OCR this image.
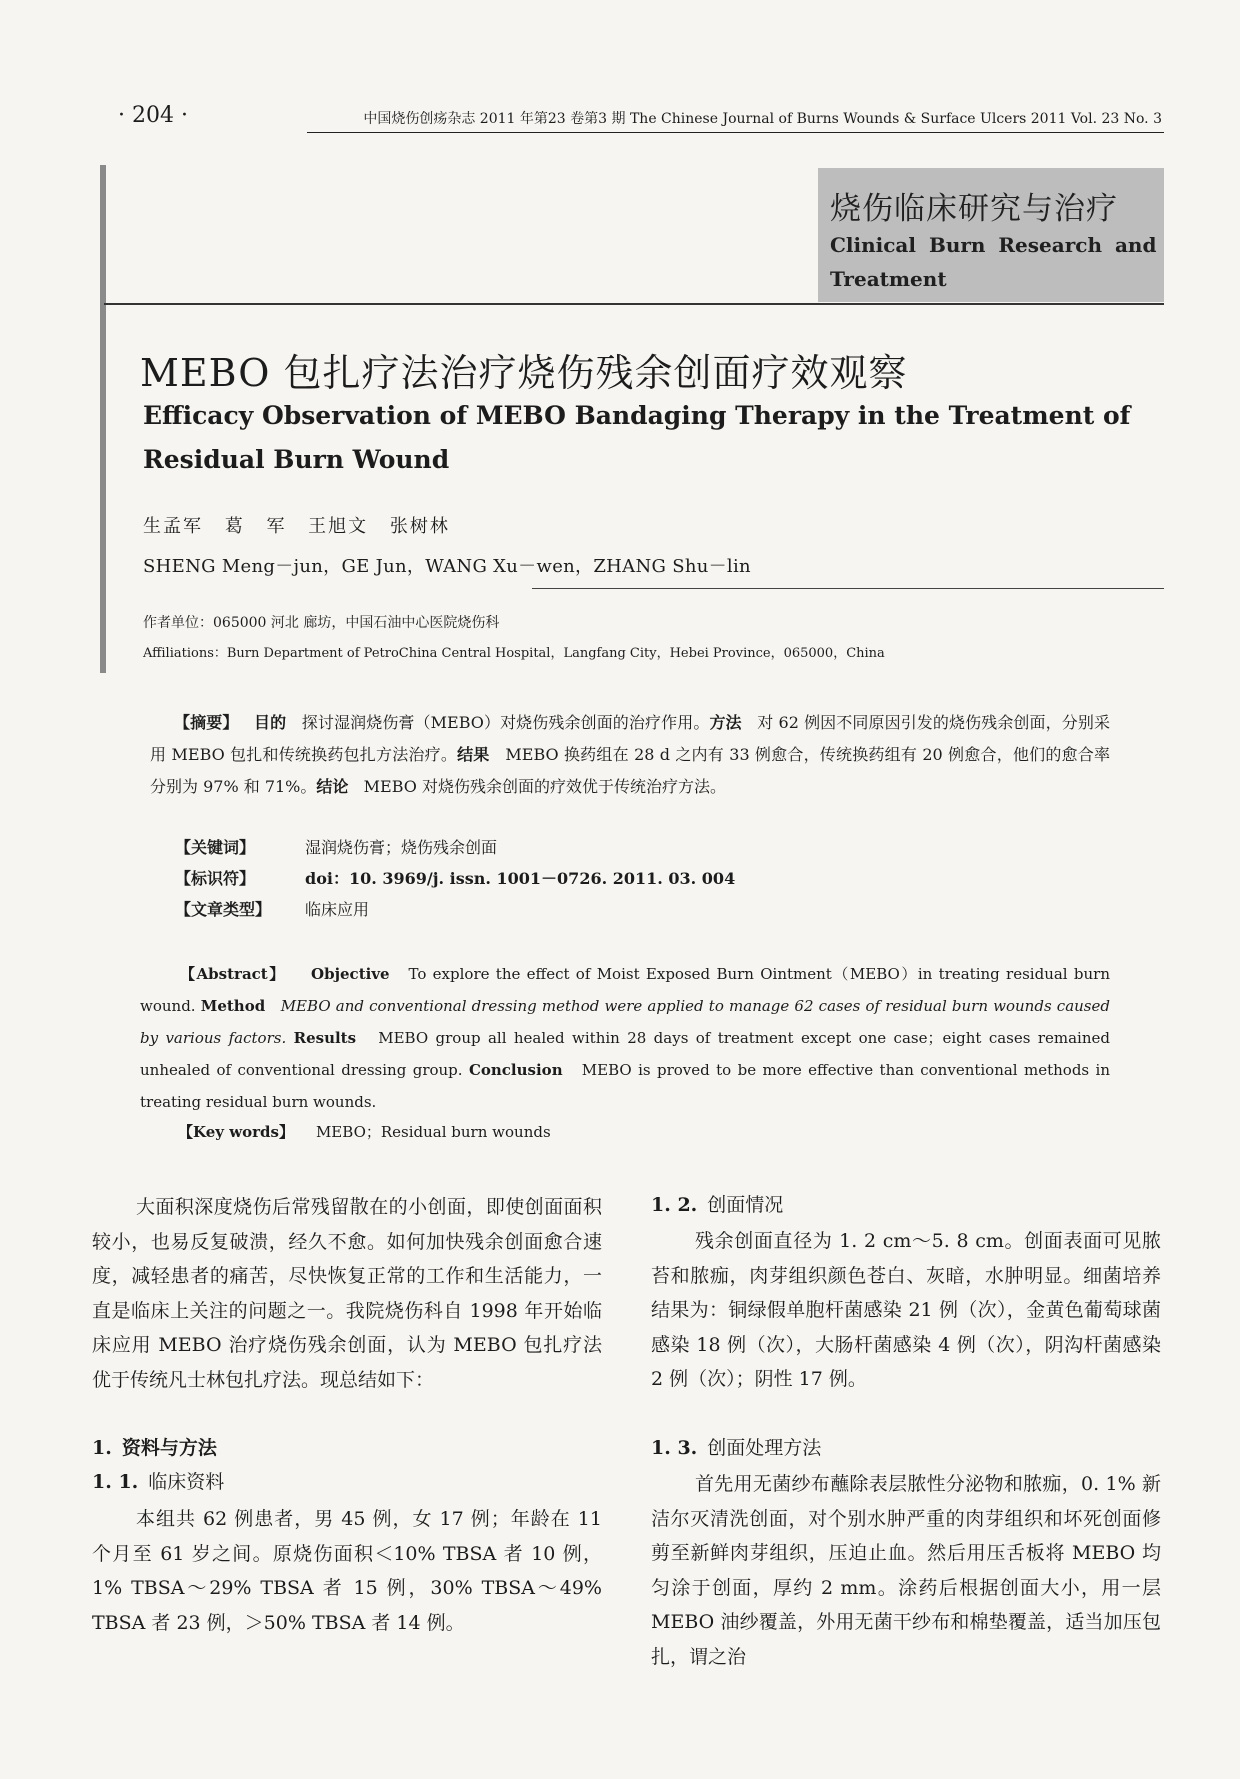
· 204 ·	中国烧伤创疡杂志 2011 年第23 卷第3 期 The Chinese Journal of Burns Wounds & Surface Ulcers 2011 Vol. 23 No. 3
烧伤临床研究与治疗
Clinical Burn Research and Treatment
MEBO 包扎疗法治疗烧伤残余创面疗效观察
Efficacy Observation of MEBO Bandaging Therapy in the Treatment of Residual Burn Wound
生孟军 葛 军 王旭文 张树林
SHENG Meng－jun，GE Jun，WANG Xu－wen，ZHANG Shu－lin
作者单位：065000 河北 廊坊，中国石油中心医院烧伤科
Affiliations：Burn Department of PetroChina Central Hospital，Langfang City，Hebei Province，065000，China
【摘要】 目的 探讨湿润烧伤膏（MEBO）对烧伤残余创面的治疗作用。方法 对 62 例因不同原因引发的烧伤残余创面，分别采用 MEBO 包扎和传统换药包扎方法治疗。结果 MEBO 换药组在 28 d 之内有 33 例愈合，传统换药组有 20 例愈合，他们的愈合率分别为 97% 和 71%。结论 MEBO 对烧伤残余创面的疗效优于传统治疗方法。
【关键词】	湿润烧伤膏；烧伤残余创面
【标识符】	doi：10. 3969/j. issn. 1001－0726. 2011. 03. 004
【文章类型】 临床应用
【Abstract】 Objective To explore the effect of Moist Exposed Burn Ointment（MEBO）in treating residual burn wound. Method MEBO and conventional dressing method were applied to manage 62 cases of residual burn wounds caused by various factors. Results MEBO group all healed within 28 days of treatment except one case；eight cases remained unhealed of conventional dressing group. Conclusion MEBO is proved to be more effective than conventional methods in treating residual burn wounds.
【Key words】 MEBO；Residual burn wounds
大面积深度烧伤后常残留散在的小创面，即使创面面积较小，也易反复破溃，经久不愈。如何加快残余创面愈合速度，减轻患者的痛苦，尽快恢复正常的工作和生活能力，一直是临床上关注的问题之一。我院烧伤科自 1998 年开始临床应用 MEBO 治疗烧伤残余创面，认为 MEBO 包扎疗法优于传统凡士林包扎疗法。现总结如下：
1. 资料与方法
1. 1. 临床资料
本组共 62 例患者，男 45 例，女 17 例；年龄在 11 个月至 61 岁之间。原烧伤面积＜10% TBSA 者 10 例，1% TBSA～29% TBSA 者 15 例，30% TBSA～49% TBSA 者 23 例，＞50% TBSA 者 14 例。
1. 2. 创面情况
残余创面直径为 1. 2 cm～5. 8 cm。创面表面可见脓苔和脓痂，肉芽组织颜色苍白、灰暗，水肿明显。细菌培养结果为：铜绿假单胞杆菌感染 21 例（次），金黄色葡萄球菌感染 18 例（次），大肠杆菌感染 4 例（次），阴沟杆菌感染 2 例（次）；阴性 17 例。
1. 3. 创面处理方法
首先用无菌纱布蘸除表层脓性分泌物和脓痂，0. 1% 新洁尔灭清洗创面，对个别水肿严重的肉芽组织和坏死创面修剪至新鲜肉芽组织，压迫止血。然后用压舌板将 MEBO 均匀涂于创面，厚约 2 mm。涂药后根据创面大小，用一层 MEBO 油纱覆盖，外用无菌干纱布和棉垫覆盖，适当加压包扎，谓之治
